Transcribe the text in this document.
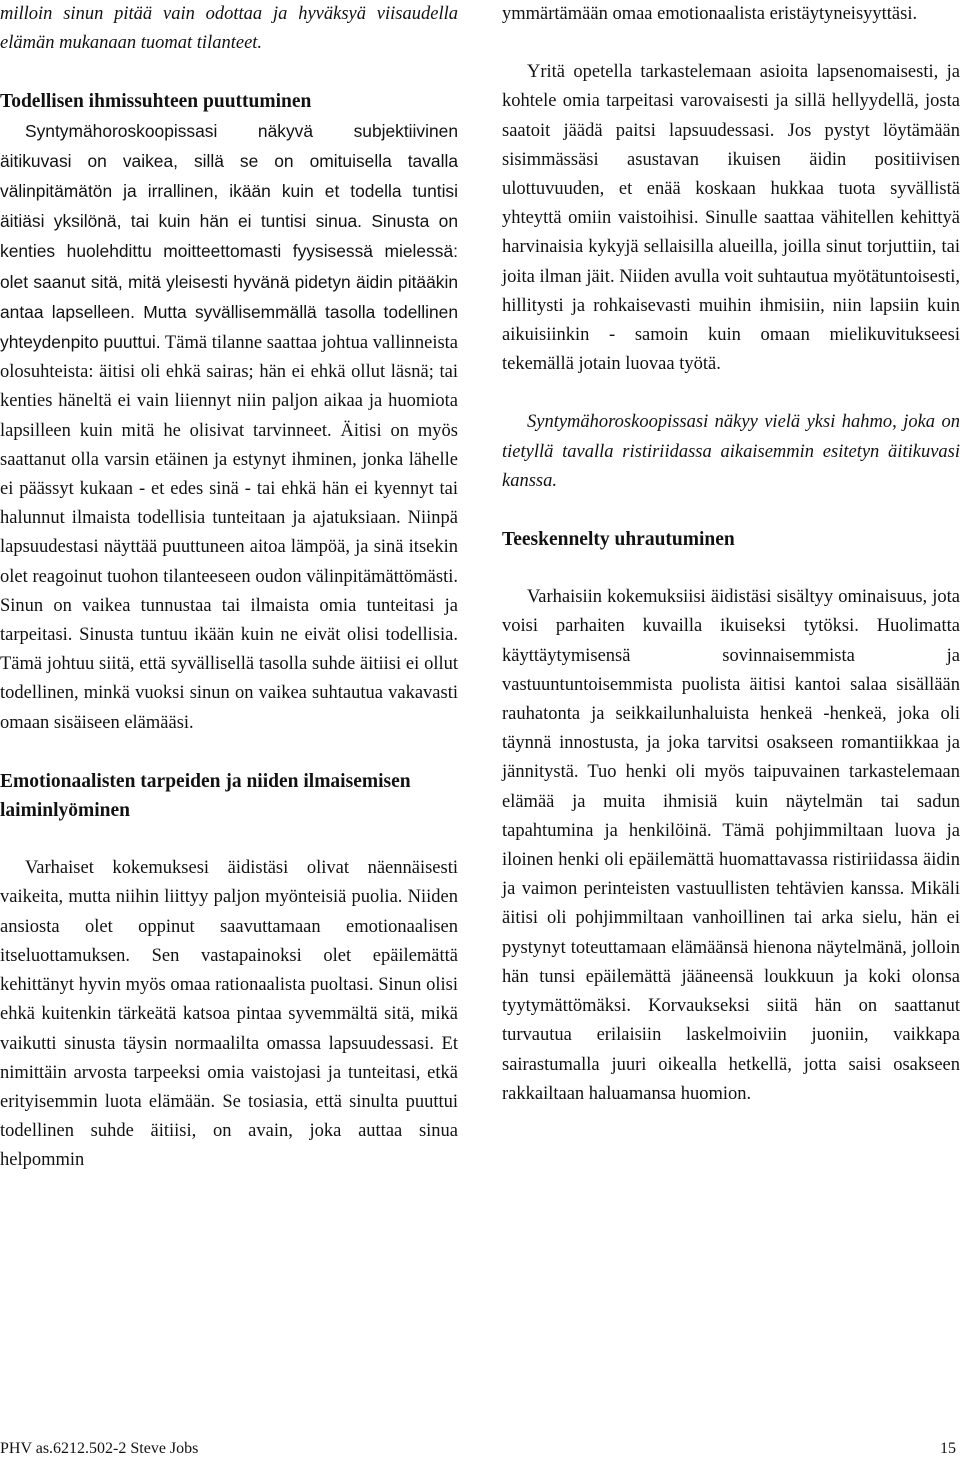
milloin sinun pitää vain odottaa ja hyväksyä viisaudella elämän mukanaan tuomat tilanteet.

Todellisen ihmissuhteen puuttuminen

Syntymähoroskoopissasi näkyvä subjektiivinen äitikuvasi on vaikea, sillä se on omituisella tavalla välinpitämätön ja irrallinen, ikään kuin et todella tuntisi äitiäsi yksilönä, tai kuin hän ei tuntisi sinua. Sinusta on kenties huolehdittu moitteettomasti fyysisessä mielessä: olet saanut sitä, mitä yleisesti hyvänä pidetyn äidin pitääkin antaa lapselleen. Mutta syvällisemmällä tasolla todellinen yhteydenpito puuttui. Tämä tilanne saattaa johtua vallinneista olosuhteista: äitisi oli ehkä sairas; hän ei ehkä ollut läsnä; tai kenties häneltä ei vain liiennyt niin paljon aikaa ja huomiota lapsilleen kuin mitä he olisivat tarvinneet. Äitisi on myös saattanut olla varsin etäinen ja estynyt ihminen, jonka lähelle ei päässyt kukaan - et edes sinä - tai ehkä hän ei kyennyt tai halunnut ilmaista todellisia tunteitaan ja ajatuksiaan. Niinpä lapsuudestasi näyttää puuttuneen aitoa lämpöä, ja sinä itsekin olet reagoinut tuohon tilanteeseen oudon välinpitämättömästi. Sinun on vaikea tunnustaa tai ilmaista omia tunteitasi ja tarpeitasi. Sinusta tuntuu ikään kuin ne eivät olisi todellisia. Tämä johtuu siitä, että syvällisellä tasolla suhde äitiisi ei ollut todellinen, minkä vuoksi sinun on vaikea suhtautua vakavasti omaan sisäiseen elämääsi.

Emotionaalisten tarpeiden ja niiden ilmaisemisen laiminlyöminen

Varhaiset kokemuksesi äidistäsi olivat näennäisesti vaikeita, mutta niihin liittyy paljon myönteisiä puolia. Niiden ansiosta olet oppinut saavuttamaan emotionaalisen itseluottamuksen. Sen vastapainoksi olet epäilemättä kehittänyt hyvin myös omaa rationaalista puoltasi. Sinun olisi ehkä kuitenkin tärkeätä katsoa pintaa syvemmältä sitä, mikä vaikutti sinusta täysin normaalilta omassa lapsuudessasi. Et nimittäin arvosta tarpeeksi omia vaistojasi ja tunteitasi, etkä erityisemmin luota elämään. Se tosiasia, että sinulta puuttui todellinen suhde äitiisi, on avain, joka auttaa sinua helpommin

ymmärtämään omaa emotionaalista eristäytyneisyyttäsi.

Yritä opetella tarkastelemaan asioita lapsenomaisesti, ja kohtele omia tarpeitasi varovaisesti ja sillä hellyydellä, josta saatoit jäädä paitsi lapsuudessasi. Jos pystyt löytämään sisimmässäsi asustavan ikuisen äidin positiivisen ulottuvuuden, et enää koskaan hukkaa tuota syvällistä yhteyttä omiin vaistoihisi. Sinulle saattaa vähitellen kehittyä harvinaisia kykyjä sellaisilla alueilla, joilla sinut torjuttiin, tai joita ilman jäit. Niiden avulla voit suhtautua myötätuntoisesti, hillitysti ja rohkaisevasti muihin ihmisiin, niin lapsiin kuin aikuisiinkin - samoin kuin omaan mielikuvitukseesi tekemällä jotain luovaa työtä.

Syntymähoroskoopissasi näkyy vielä yksi hahmo, joka on tietyllä tavalla ristiriidassa aikaisemmin esitetyn äitikuvasi kanssa.

Teeskennelty uhrautuminen

Varhaisiin kokemuksiisi äidistäsi sisältyy ominaisuus, jota voisi parhaiten kuvailla ikuiseksi tytöksi. Huolimatta käyttäytymisensä sovinnaisemmista ja vastuuntuntoisemmista puolista äitisi kantoi salaa sisällään rauhatonta ja seikkailunhaluista henkeä -henkeä, joka oli täynnä innostusta, ja joka tarvitsi osakseen romantiikkaa ja jännitystä. Tuo henki oli myös taipuvainen tarkastelemaan elämää ja muita ihmisiä kuin näytelmän tai sadun tapahtumina ja henkilöinä. Tämä pohjimmiltaan luova ja iloinen henki oli epäilemättä huomattavassa ristiriidassa äidin ja vaimon perinteisten vastuullisten tehtävien kanssa. Mikäli äitisi oli pohjimmiltaan vanhoillinen tai arka sielu, hän ei pystynyt toteuttamaan elämäänsä hienona näytelmänä, jolloin hän tunsi epäilemättä jääneensä loukkuun ja koki olonsa tyytymättömäksi. Korvaukseksi siitä hän on saattanut turvautua erilaisiin laskelmoiviin juoniin, vaikkapa sairastumalla juuri oikealla hetkellä, jotta saisi osakseen rakkailtaan haluamansa huomion.

PHV as.6212.502-2 Steve Jobs	15
